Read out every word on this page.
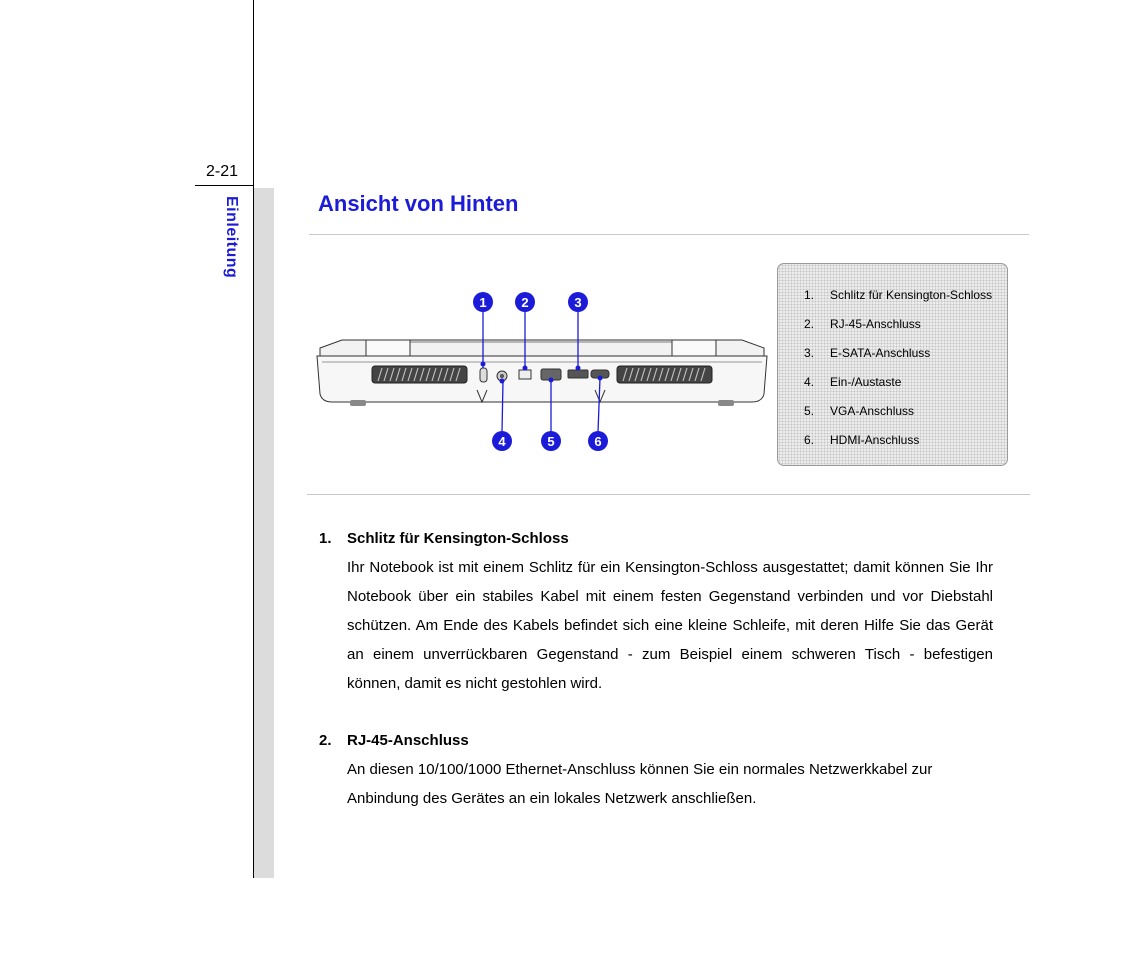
2-21
Einleitung	Ansicht von Hinten
1	2	3
4	5	6
1. Schlitz für Kensington-Schloss
2. RJ-45-Anschluss
3. E-SATA-Anschluss
4. Ein-/Austaste
5. VGA-Anschluss
6. HDMI-Anschluss
1. Schlitz für Kensington-Schloss
Ihr Notebook ist mit einem Schlitz für ein Kensington-Schloss ausgestattet; damit können Sie Ihr Notebook über ein stabiles Kabel mit einem festen Gegenstand verbinden und vor Diebstahl schützen. Am Ende des Kabels befindet sich eine kleine Schleife, mit deren Hilfe Sie das Gerät an einem unverrückbaren Gegenstand - zum Beispiel einem schweren Tisch - befestigen können, damit es nicht gestohlen wird.
2. RJ-45-Anschluss
An diesen 10/100/1000 Ethernet-Anschluss können Sie ein normales Netzwerkkabel zur Anbindung des Gerätes an ein lokales Netzwerk anschließen.
